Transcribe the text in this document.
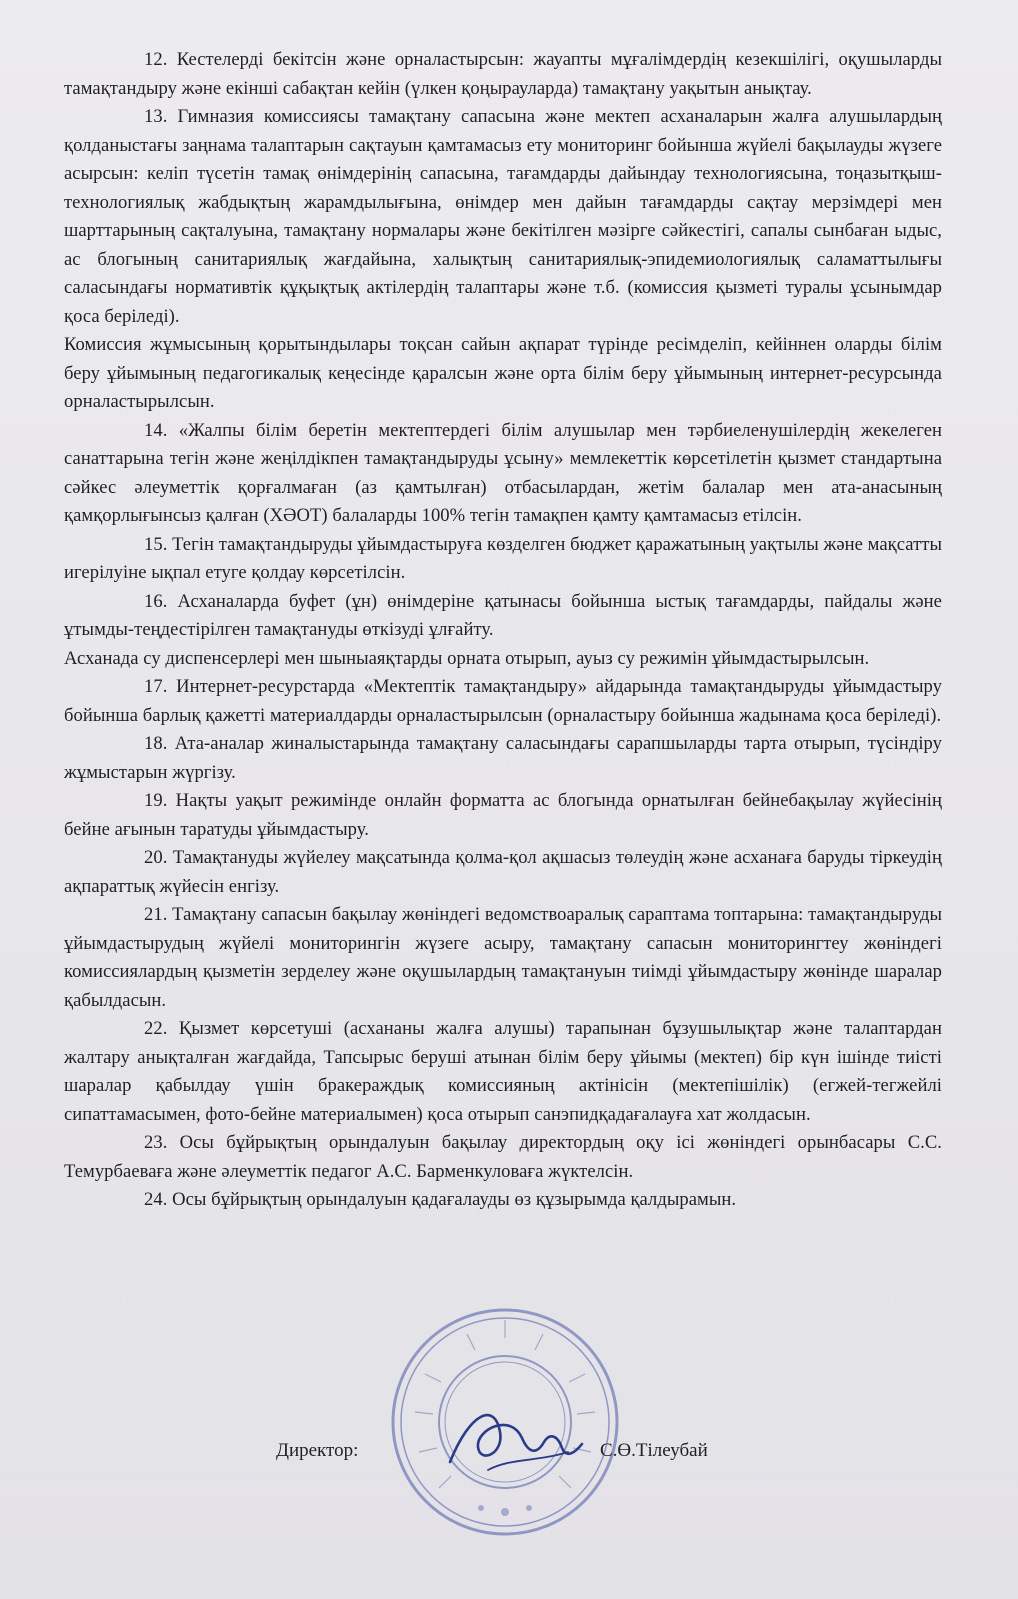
12. Кестелерді бекітсін және орналастырсын: жауапты мұғалімдердің кезекшілігі, оқушыларды тамақтандыру және екінші сабақтан кейін (үлкен қоңырауларда) тамақтану уақытын анықтау.

13. Гимназия комиссиясы тамақтану сапасына және мектеп асханаларын жалға алушылардың қолданыстағы заңнама талаптарын сақтауын қамтамасыз ету мониторинг бойынша жүйелі бақылауды жүзеге асырсын: келіп түсетін тамақ өнімдерінің сапасына, тағамдарды дайындау технологиясына, тоңазытқыш-технологиялық жабдықтың жарамдылығына, өнімдер мен дайын тағамдарды сақтау мерзімдері мен шарттарының сақталуына, тамақтану нормалары және бекітілген мәзірге сәйкестігі, сапалы сынбаған ыдыс, ас блогының санитариялық жағдайына, халықтың санитариялық-эпидемиологиялық саламаттылығы саласындағы нормативтік құқықтық актілердің талаптары және т.б. (комиссия қызметі туралы ұсынымдар қоса беріледі).

Комиссия жұмысының қорытындылары тоқсан сайын ақпарат түрінде ресімделіп, кейіннен оларды білім беру ұйымының педагогикалық кеңесінде қаралсын және орта білім беру ұйымының интернет-ресурсында орналастырылсын.

14. «Жалпы білім беретін мектептердегі білім алушылар мен тәрбиеленушілердің жекелеген санаттарына тегін және жеңілдікпен тамақтандыруды ұсыну» мемлекеттік көрсетілетін қызмет стандартына сәйкес әлеуметтік қорғалмаған (аз қамтылған) отбасылардан, жетім балалар мен ата-анасының қамқорлығынсыз қалған (ХӘОТ) балаларды 100% тегін тамақпен қамту қамтамасыз етілсін.

15. Тегін тамақтандыруды ұйымдастыруға көзделген бюджет қаражатының уақтылы және мақсатты игерілуіне ықпал етуге қолдау көрсетілсін.

16. Асханаларда буфет (ұн) өнімдеріне қатынасы бойынша ыстық тағамдарды, пайдалы және ұтымды-теңдестірілген тамақтануды өткізуді ұлғайту.

Асханада су диспенсерлері мен шыныаяқтарды орната отырып, ауыз су режимін ұйымдастырылсын.

17. Интернет-ресурстарда «Мектептік тамақтандыру» айдарында тамақтандыруды ұйымдастыру бойынша барлық қажетті материалдарды орналастырылсын (орналастыру бойынша жадынама қоса беріледі).

18. Ата-аналар жиналыстарында тамақтану саласындағы сарапшыларды тарта отырып, түсіндіру жұмыстарын жүргізу.

19. Нақты уақыт режимінде онлайн форматта ас блогында орнатылған бейнебақылау жүйесінің бейне ағынын таратуды ұйымдастыру.

20. Тамақтануды жүйелеу мақсатында қолма-қол ақшасыз төлеудің және асханаға баруды тіркеудің ақпараттық жүйесін енгізу.

21. Тамақтану сапасын бақылау жөніндегі ведомствоаралық сараптама топтарына: тамақтандыруды ұйымдастырудың жүйелі мониторингін жүзеге асыру, тамақтану сапасын мониторингтеу жөніндегі комиссиялардың қызметін зерделеу және оқушылардың тамақтануын тиімді ұйымдастыру жөнінде шаралар қабылдасын.

22. Қызмет көрсетуші (асхананы жалға алушы) тарапынан бұзушылықтар және талаптардан жалтару анықталған жағдайда, Тапсырыс беруші атынан білім беру ұйымы (мектеп) бір күн ішінде тиісті шаралар қабылдау үшін бракераждық комиссияның актінісін (мектепішілік) (егжей-тегжейлі сипаттамасымен, фото-бейне материалымен) қоса отырып санэпидқадағалауға хат жолдасын.

23. Осы бұйрықтың орындалуын бақылау директордың оқу ісі жөніндегі орынбасары С.С. Темурбаеваға және әлеуметтік педагог А.С. Барменкуловаға жүктелсін.

24. Осы бұйрықтың орындалуын қадағалауды өз құзырымда қалдырамын.

Директор:	С.Ө.Тілеубай
